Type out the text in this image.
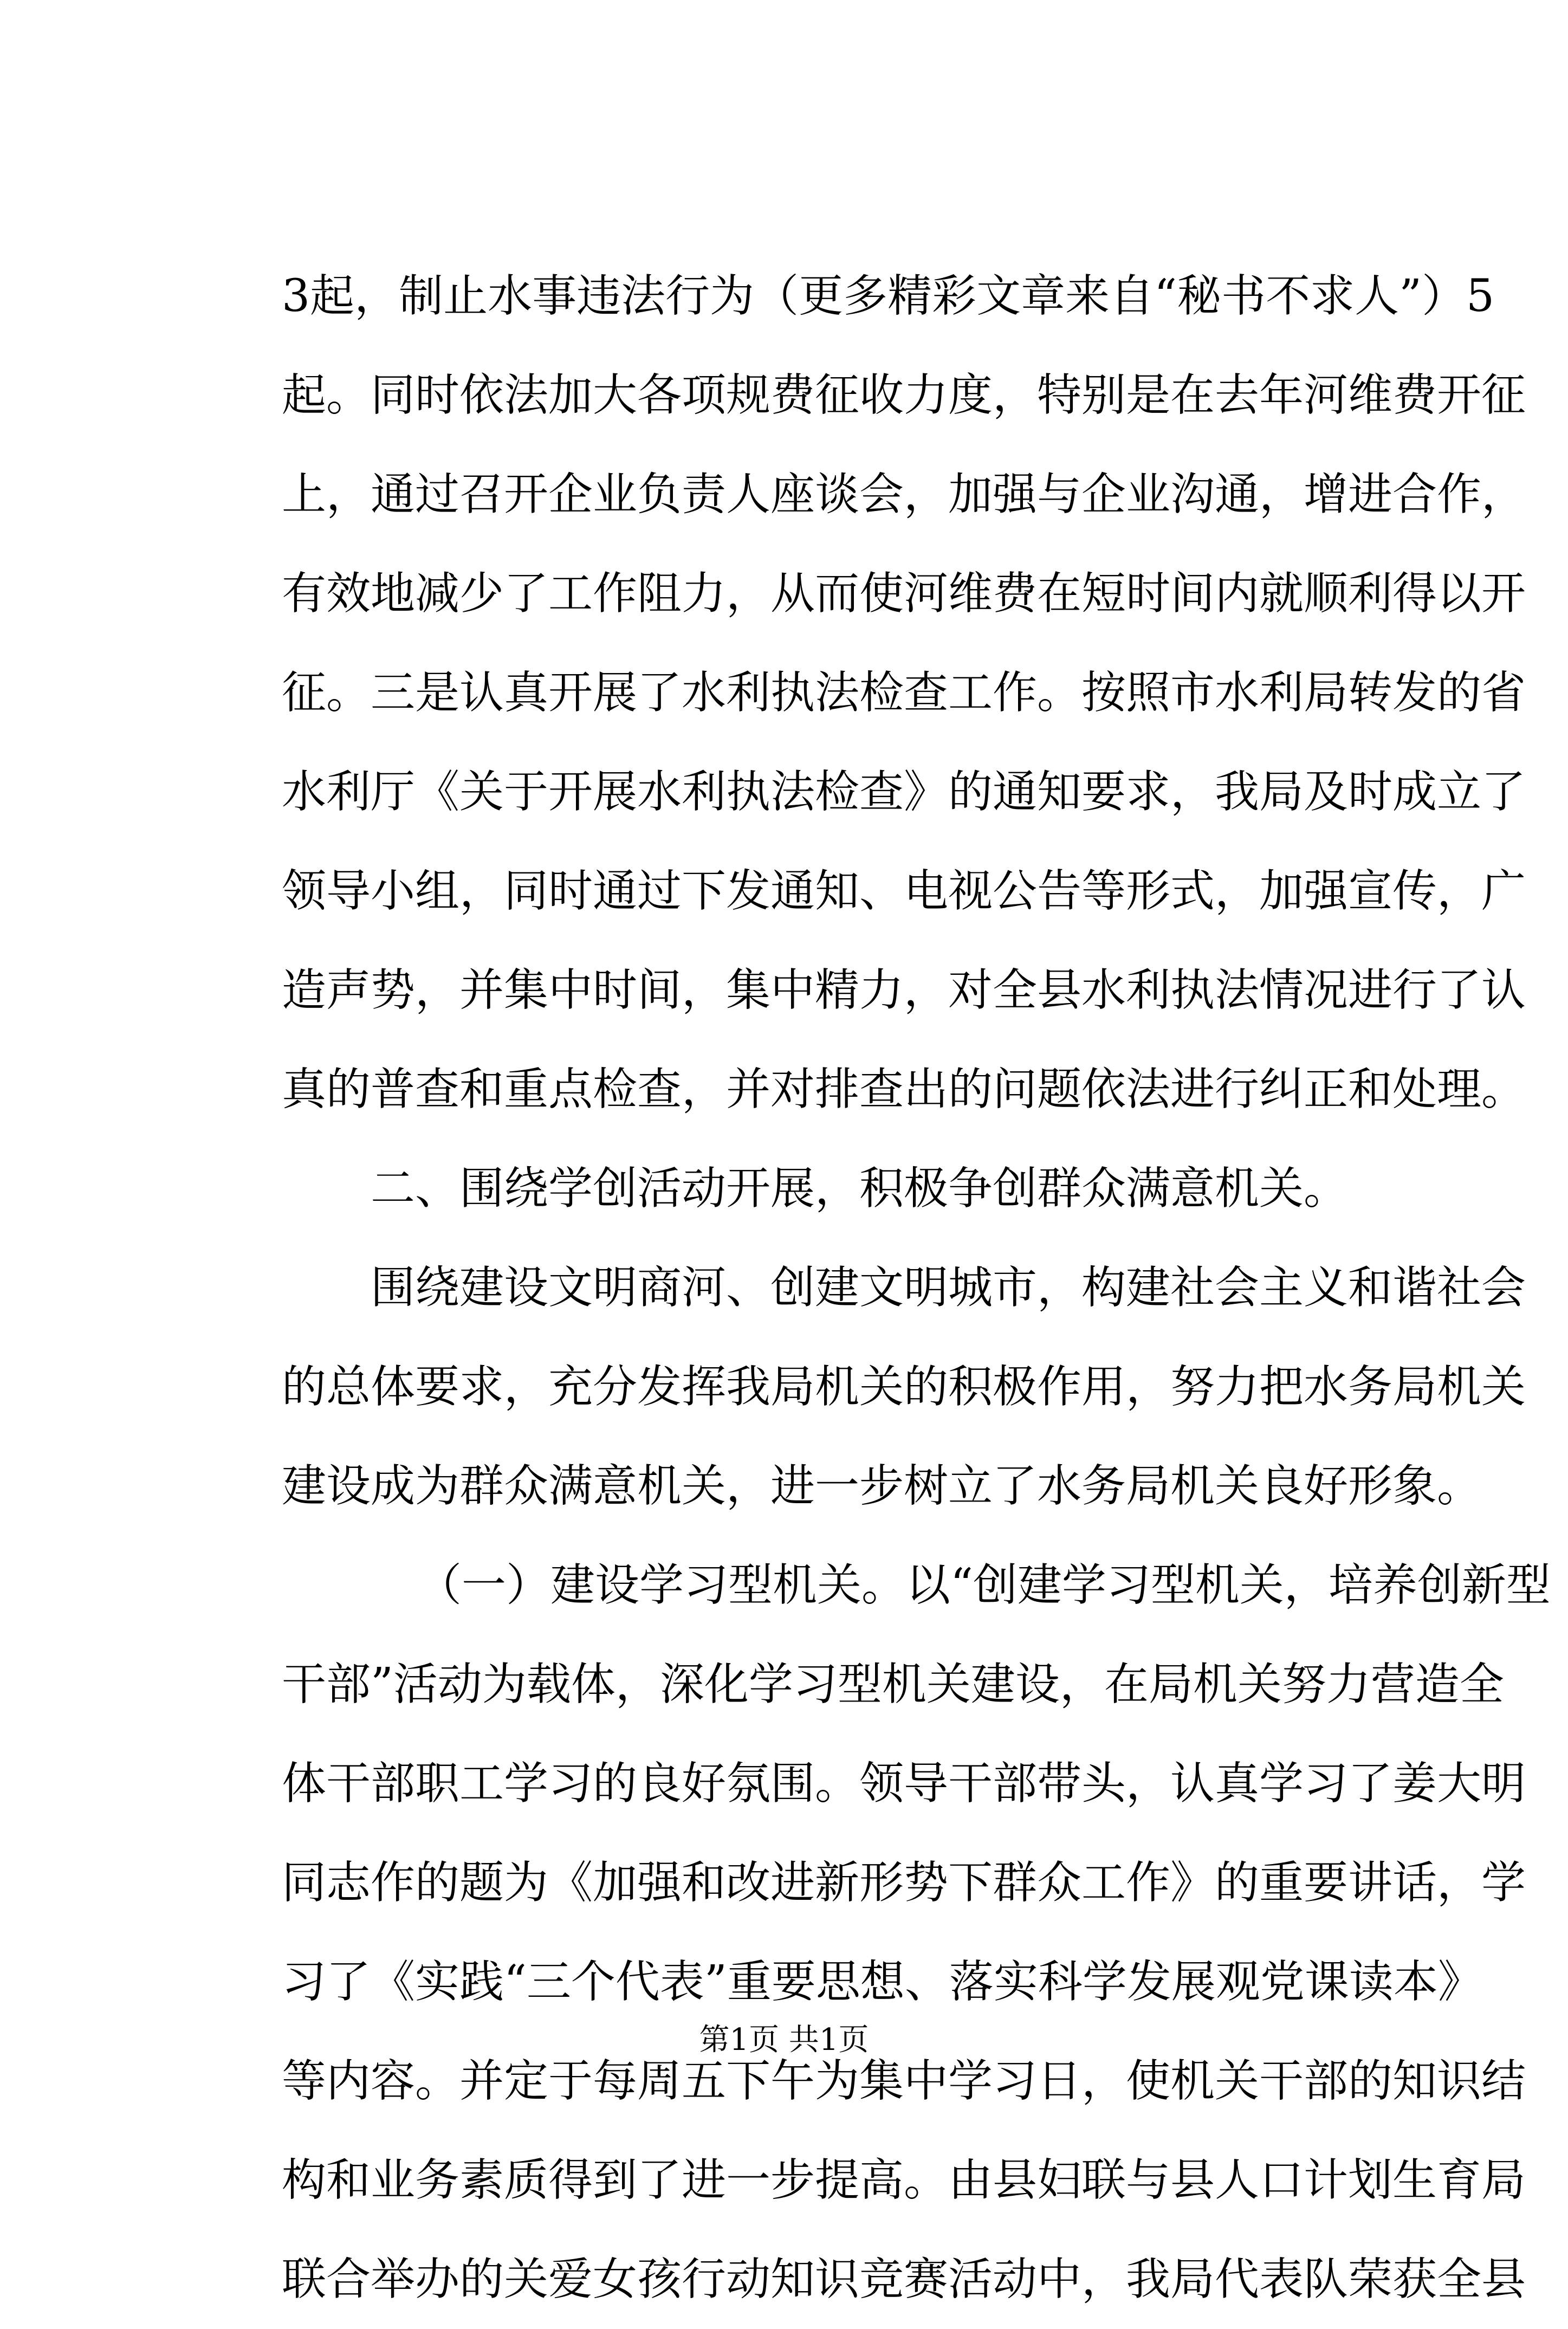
3起，制止水事违法行为（更多精彩文章来自“秘书不求人”）5
起。同时依法加大各项规费征收力度，特别是在去年河维费开征
上，通过召开企业负责人座谈会，加强与企业沟通，增进合作，
有效地减少了工作阻力，从而使河维费在短时间内就顺利得以开
征。三是认真开展了水利执法检查工作。按照市水利局转发的省
水利厅《关于开展水利执法检查》的通知要求，我局及时成立了
领导小组，同时通过下发通知、电视公告等形式，加强宣传，广
造声势，并集中时间，集中精力，对全县水利执法情况进行了认
真的普查和重点检查，并对排查出的问题依法进行纠正和处理。
二、围绕学创活动开展，积极争创群众满意机关。
围绕建设文明商河、创建文明城市，构建社会主义和谐社会
的总体要求，充分发挥我局机关的积极作用，努力把水务局机关
建设成为群众满意机关，进一步树立了水务局机关良好形象。
（一）建设学习型机关。以“创建学习型机关，培养创新型
干部”活动为载体，深化学习型机关建设，在局机关努力营造全
体干部职工学习的良好氛围。领导干部带头，认真学习了姜大明
同志作的题为《加强和改进新形势下群众工作》的重要讲话，学
习了《实践“三个代表”重要思想、落实科学发展观党课读本》
等内容。并定于每周五下午为集中学习日，使机关干部的知识结
构和业务素质得到了进一步提高。由县妇联与县人口计划生育局
联合举办的关爱女孩行动知识竞赛活动中，我局代表队荣获全县
第1页 共1页
